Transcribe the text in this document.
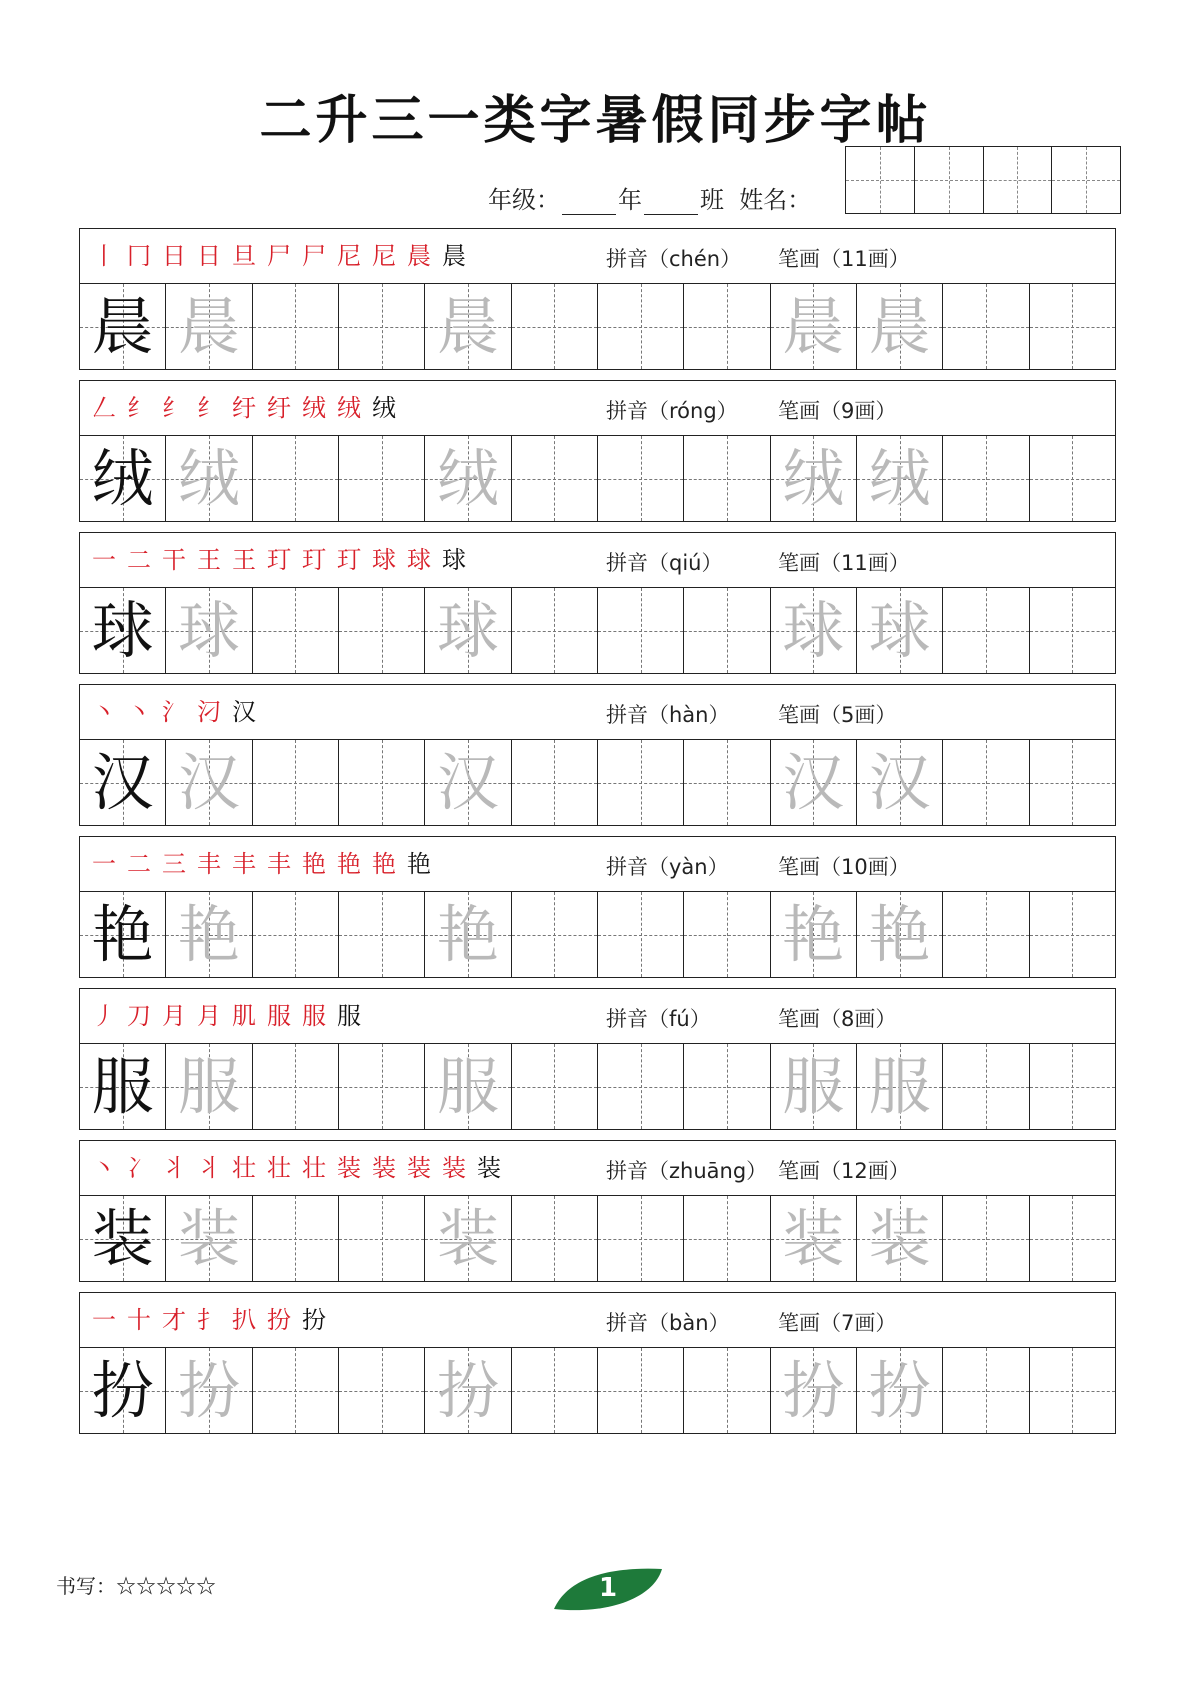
二升三一类字暑假同步字帖
年级： 年 班 姓名：
丨 冂 日 日 旦 尸 尸 尼 尼 晨 晨	拼音（chén） 笔画（11画）
晨 晨	晨	晨 晨
𠃋 纟 纟 纟 纡 纡 绒 绒 绒	拼音（róng） 笔画（9画）
绒 绒	绒	绒 绒
一 二 干 王 王 玎 玎 玎 球 球 球	拼音（qiú）	笔画（11画）
球 球	球	球 球
丶 丶 氵 汈 汉	拼音（hàn） 笔画（5画）
汉 汉	汉	汉 汉
一 二 三 丰 丰 丰 艳 艳 艳 艳	拼音（yàn） 笔画（10画）
艳 艳	艳	艳 艳
丿 刀 月 月 肌 服 服 服	拼音（fú）	笔画（8画）
服 服	服	服 服
丶 冫 丬 丬 壮 壮 壮 装 装 装 装 装	拼音（zhuāng） 笔画（12画）
装 装	装	装 装
一 十 才 扌 扒 扮 扮	拼音（bàn） 笔画（7画）
扮 扮	扮	扮 扮
书写：☆☆☆☆☆	1
